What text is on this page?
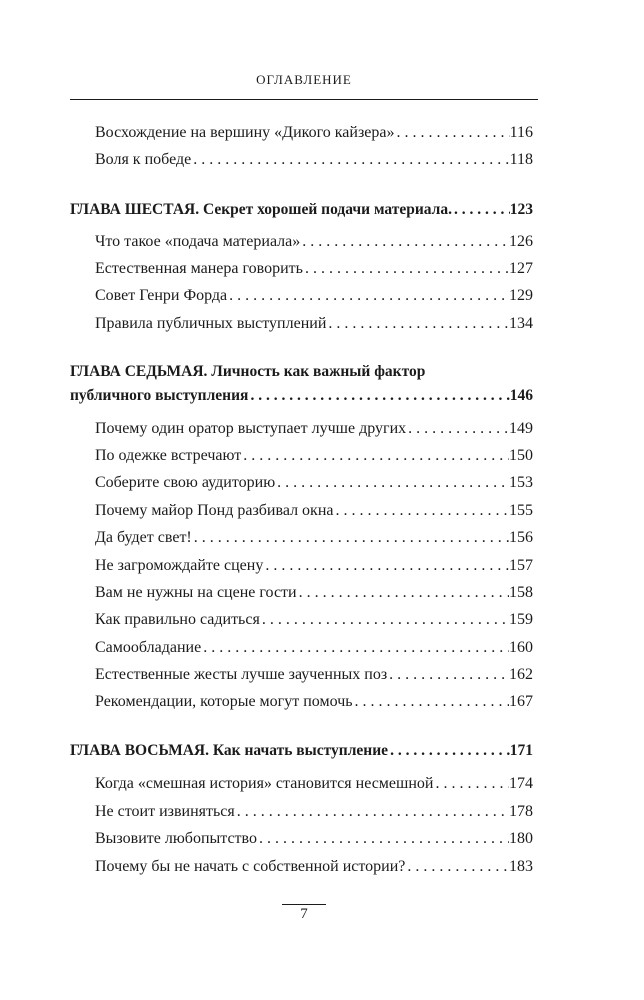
ОГЛАВЛЕНИЕ
Восхождение на вершину «Дикого кайзера» . . .	116
Воля к победе . . .	118
ГЛАВА ШЕСТАЯ. Секрет хорошей подачи материала. . . .	123
Что такое «подача материала» . . .	126
Естественная манера говорить . . .	127
Совет Генри Форда . . .	129
Правила публичных выступлений . . .	134
ГЛАВА СЕДЬМАЯ. Личность как важный фактор
публичного выступления . . .	146
Почему один оратор выступает лучше других . . .	149
По одежке встречают . . .	150
Соберите свою аудиторию . . .	153
Почему майор Понд разбивал окна . . .	155
Да будет свет! . . .	156
Не загромождайте сцену . . .	157
Вам не нужны на сцене гости . . .	158
Как правильно садиться . . .	159
Самообладание . . .	160
Естественные жесты лучше заученных поз . . .	162
Рекомендации, которые могут помочь . . .	167
ГЛАВА ВОСЬМАЯ. Как начать выступление . . .	171
Когда «смешная история» становится несмешной . . .	174
Не стоит извиняться . . .	178
Вызовите любопытство . . .	180
Почему бы не начать с собственной истории? . . .	183
7
